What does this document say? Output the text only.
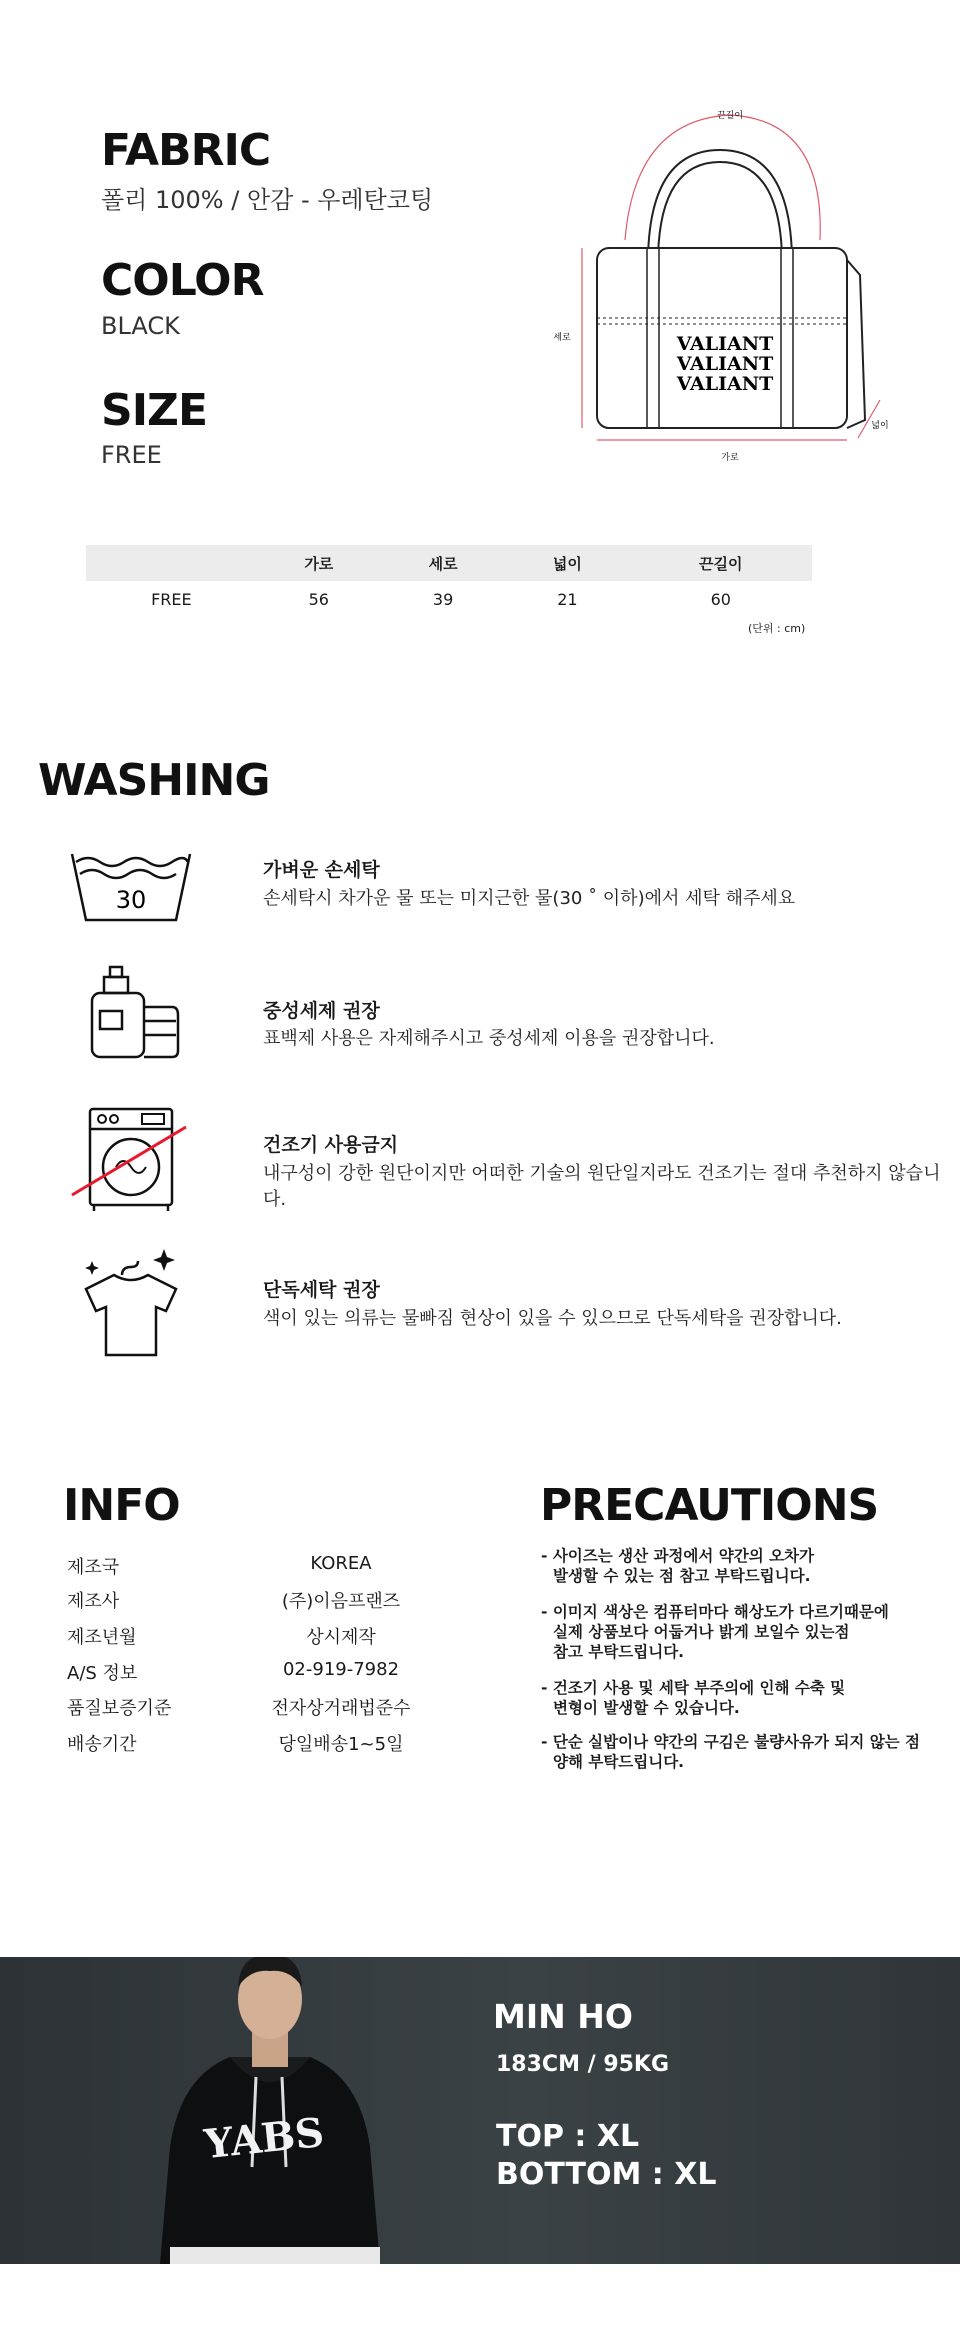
FABRIC
폴리 100% / 안감 - 우레탄코팅
COLOR
BLACK
SIZE
FREE
끈길이
세로
넓이
가로
VALIANT
VALIANT
VALIANT
	가로	세로	넓이	끈길이
FREE	56	39	21	60
(단위 : cm)
WASHING
30
가벼운 손세탁
손세탁시 차가운 물 또는 미지근한 물(30 ˚ 이하)에서 세탁 해주세요
중성세제 권장
표백제 사용은 자제해주시고 중성세제 이용을 권장합니다.
건조기 사용금지
내구성이 강한 원단이지만 어떠한 기술의 원단일지라도 건조기는 절대 추천하지 않습니다.
단독세탁 권장
색이 있는 의류는 물빠짐 현상이 있을 수 있으므로 단독세탁을 권장합니다.
INFO
제조국	KOREA
제조사	(주)이음프랜즈
제조년월	상시제작
A/S 정보	02-919-7982
품질보증기준	전자상거래법준수
배송기간	당일배송1~5일
PRECAUTIONS
- 사이즈는 생산 과정에서 약간의 오차가
발생할 수 있는 점 참고 부탁드립니다.
- 이미지 색상은 컴퓨터마다 해상도가 다르기때문에
실제 상품보다 어둡거나 밝게 보일수 있는점
참고 부탁드립니다.
- 건조기 사용 및 세탁 부주의에 인해 수축 및
변형이 발생할 수 있습니다.
- 단순 실밥이나 약간의 구김은 불량사유가 되지 않는 점
양해 부탁드립니다.
YABS
MIN HO
183CM / 95KG
TOP : XL
BOTTOM : XL
